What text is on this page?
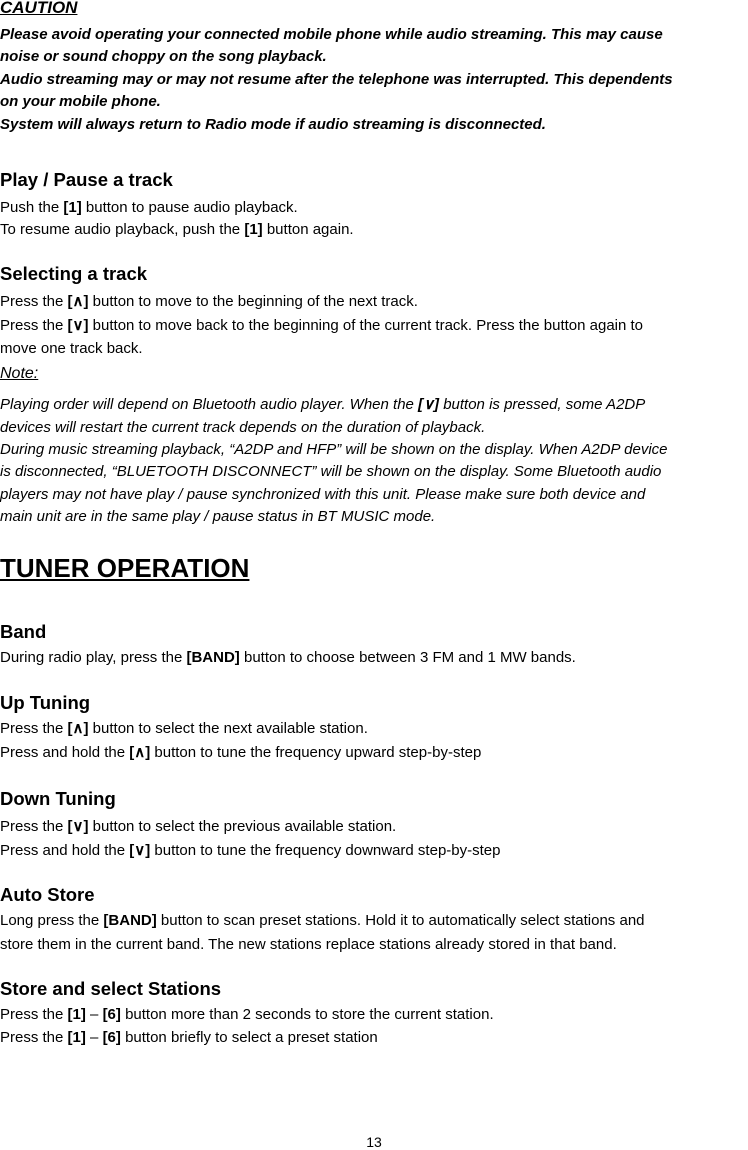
CAUTION
Please avoid operating your connected mobile phone while audio streaming. This may cause
noise or sound choppy on the song playback.
Audio streaming may or may not resume after the telephone was interrupted. This dependents
on your mobile phone.
System will always return to Radio mode if audio streaming is disconnected.
Play / Pause a track
Push the [1] button to pause audio playback.
To resume audio playback, push the [1] button again.
Selecting a track
Press the [∧] button to move to the beginning of the next track.
Press the [∨] button to move back to the beginning of the current track. Press the button again to
move one track back.
Note:
Playing order will depend on Bluetooth audio player. When the [∨] button is pressed, some A2DP
devices will restart the current track depends on the duration of playback.
During music streaming playback, “A2DP and HFP” will be shown on the display. When A2DP device
is disconnected, “BLUETOOTH DISCONNECT” will be shown on the display. Some Bluetooth audio
players may not have play / pause synchronized with this unit. Please make sure both device and
main unit are in the same play / pause status in BT MUSIC mode.
TUNER OPERATION
Band
During radio play, press the [BAND] button to choose between 3 FM and 1 MW bands.
Up Tuning
Press the [∧] button to select the next available station.
Press and hold the [∧] button to tune the frequency upward step-by-step
Down Tuning
Press the [∨] button to select the previous available station.
Press and hold the [∨] button to tune the frequency downward step-by-step
Auto Store
Long press the [BAND] button to scan preset stations. Hold it to automatically select stations and
store them in the current band. The new stations replace stations already stored in that band.
Store and select Stations
Press the [1] – [6] button more than 2 seconds to store the current station.
Press the [1] – [6] button briefly to select a preset station
13
